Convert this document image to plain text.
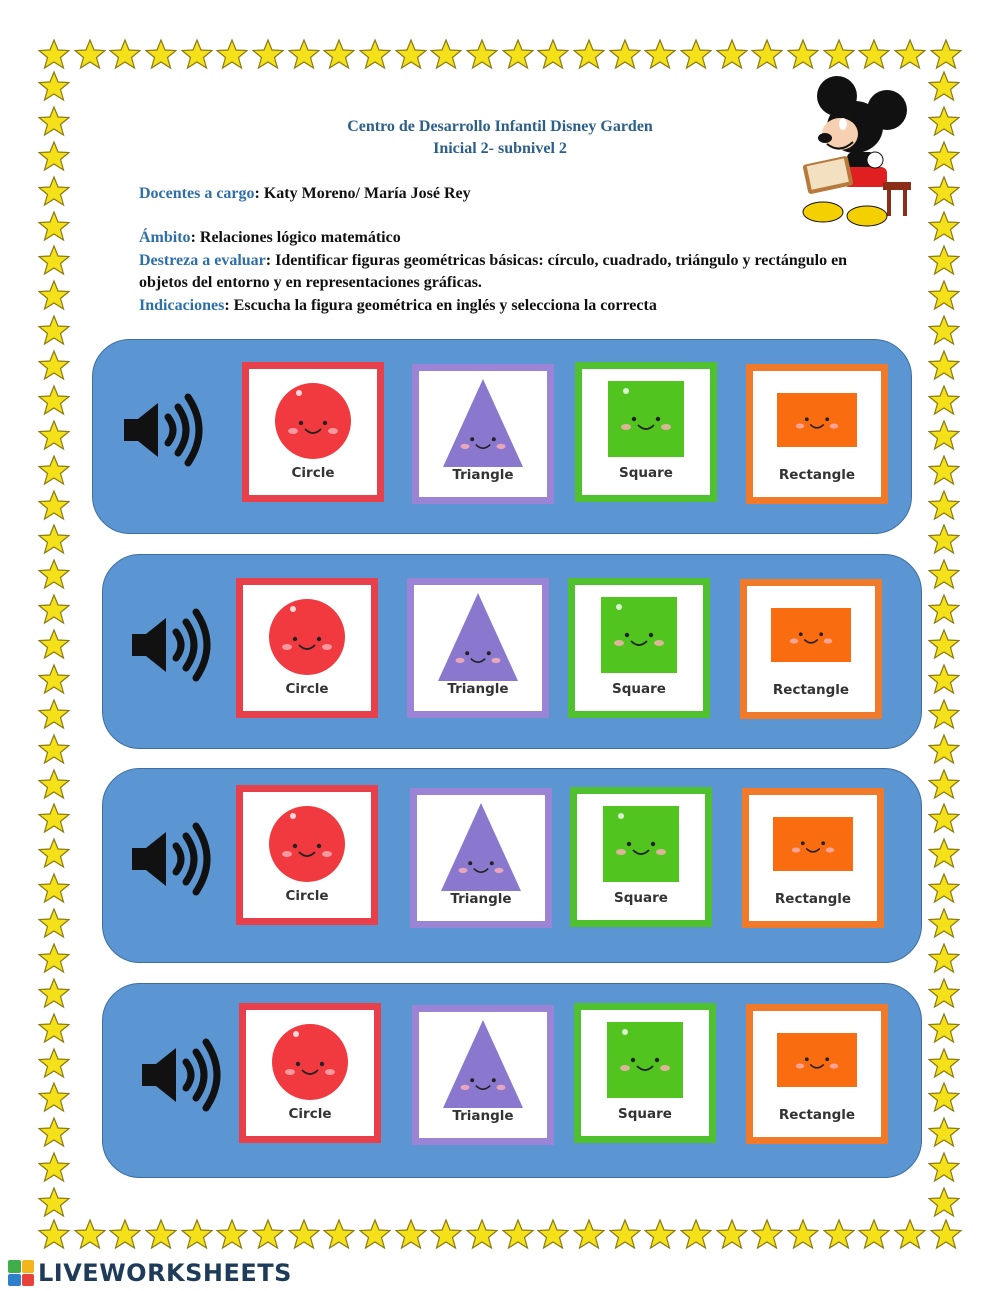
Centro de Desarrollo Infantil Disney Garden
Inicial 2- subnivel 2
Docentes a cargo: Katy Moreno/ María José Rey
Ámbito: Relaciones lógico matemático
Destreza a evaluar: Identificar figuras geométricas básicas: círculo, cuadrado, triángulo y rectángulo en objetos del entorno y en representaciones gráficas.
Indicaciones: Escucha la figura geométrica en inglés y selecciona la correcta
Circle	Triangle	Square	Rectangle
Circle	Triangle	Square	Rectangle
Circle	Triangle	Square	Rectangle
Circle	Triangle	Square	Rectangle
LIVEWORKSHEETS
